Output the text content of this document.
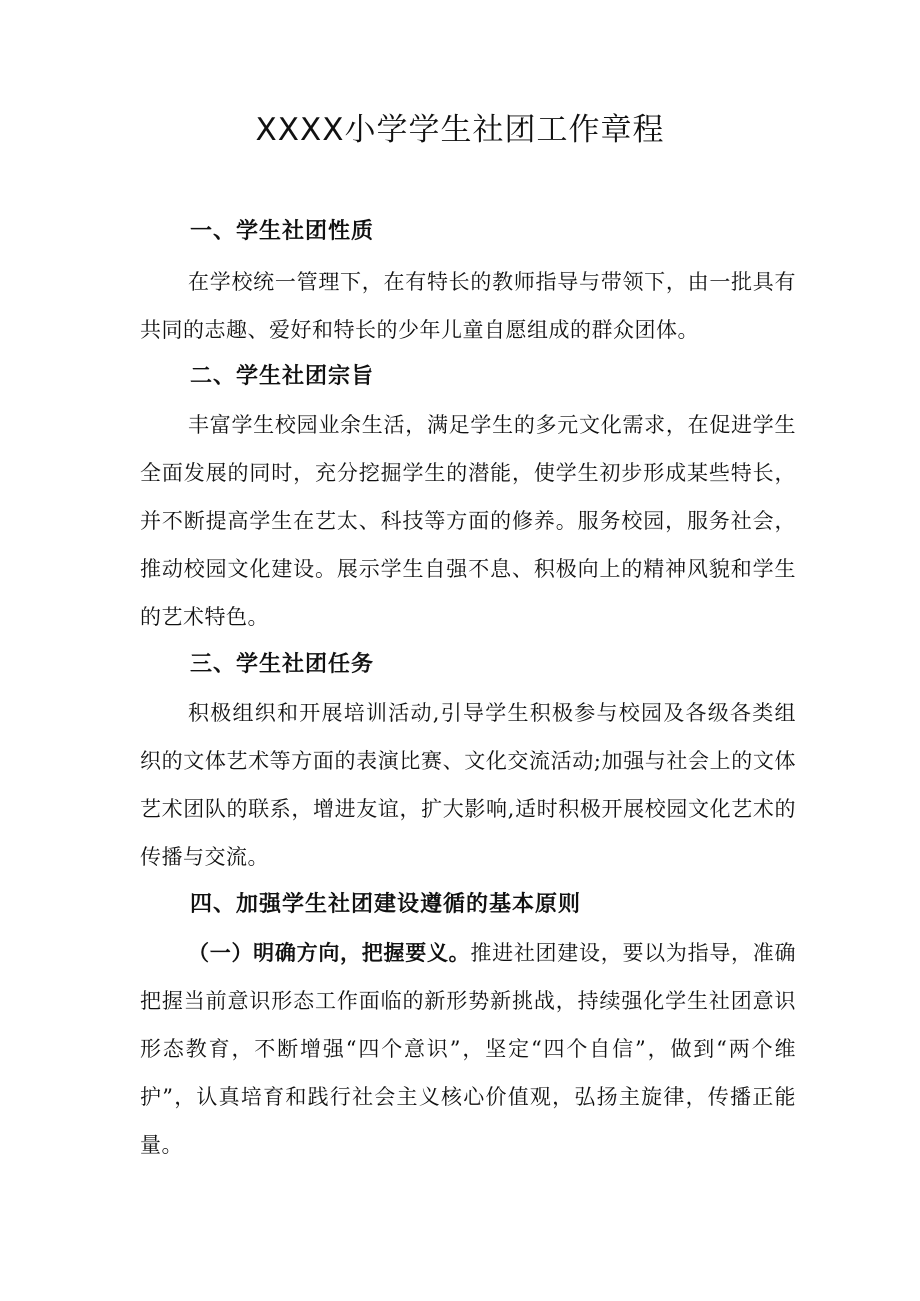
XXXX小学学生社团工作章程
一、学生社团性质

在学校统一管理下，在有特长的教师指导与带领下，由一批具有共同的志趣、爱好和特长的少年儿童自愿组成的群众团体。

二、学生社团宗旨

丰富学生校园业余生活，满足学生的多元文化需求，在促进学生全面发展的同时，充分挖掘学生的潜能，使学生初步形成某些特长，并不断提高学生在艺太、科技等方面的修养。服务校园，服务社会，推动校园文化建设。展示学生自强不息、积极向上的精神风貌和学生的艺术特色。

三、学生社团任务

积极组织和开展培训活动,引导学生积极参与校园及各级各类组织的文体艺术等方面的表演比赛、文化交流活动;加强与社会上的文体艺术团队的联系，增进友谊，扩大影响,适时积极开展校园文化艺术的传播与交流。

四、加强学生社团建设遵循的基本原则

（一）明确方向，把握要义。推进社团建设，要以为指导，准确把握当前意识形态工作面临的新形势新挑战，持续强化学生社团意识形态教育，不断增强“四个意识”，坚定“四个自信”，做到“两个维护”，认真培育和践行社会主义核心价值观，弘扬主旋律，传播正能量。
